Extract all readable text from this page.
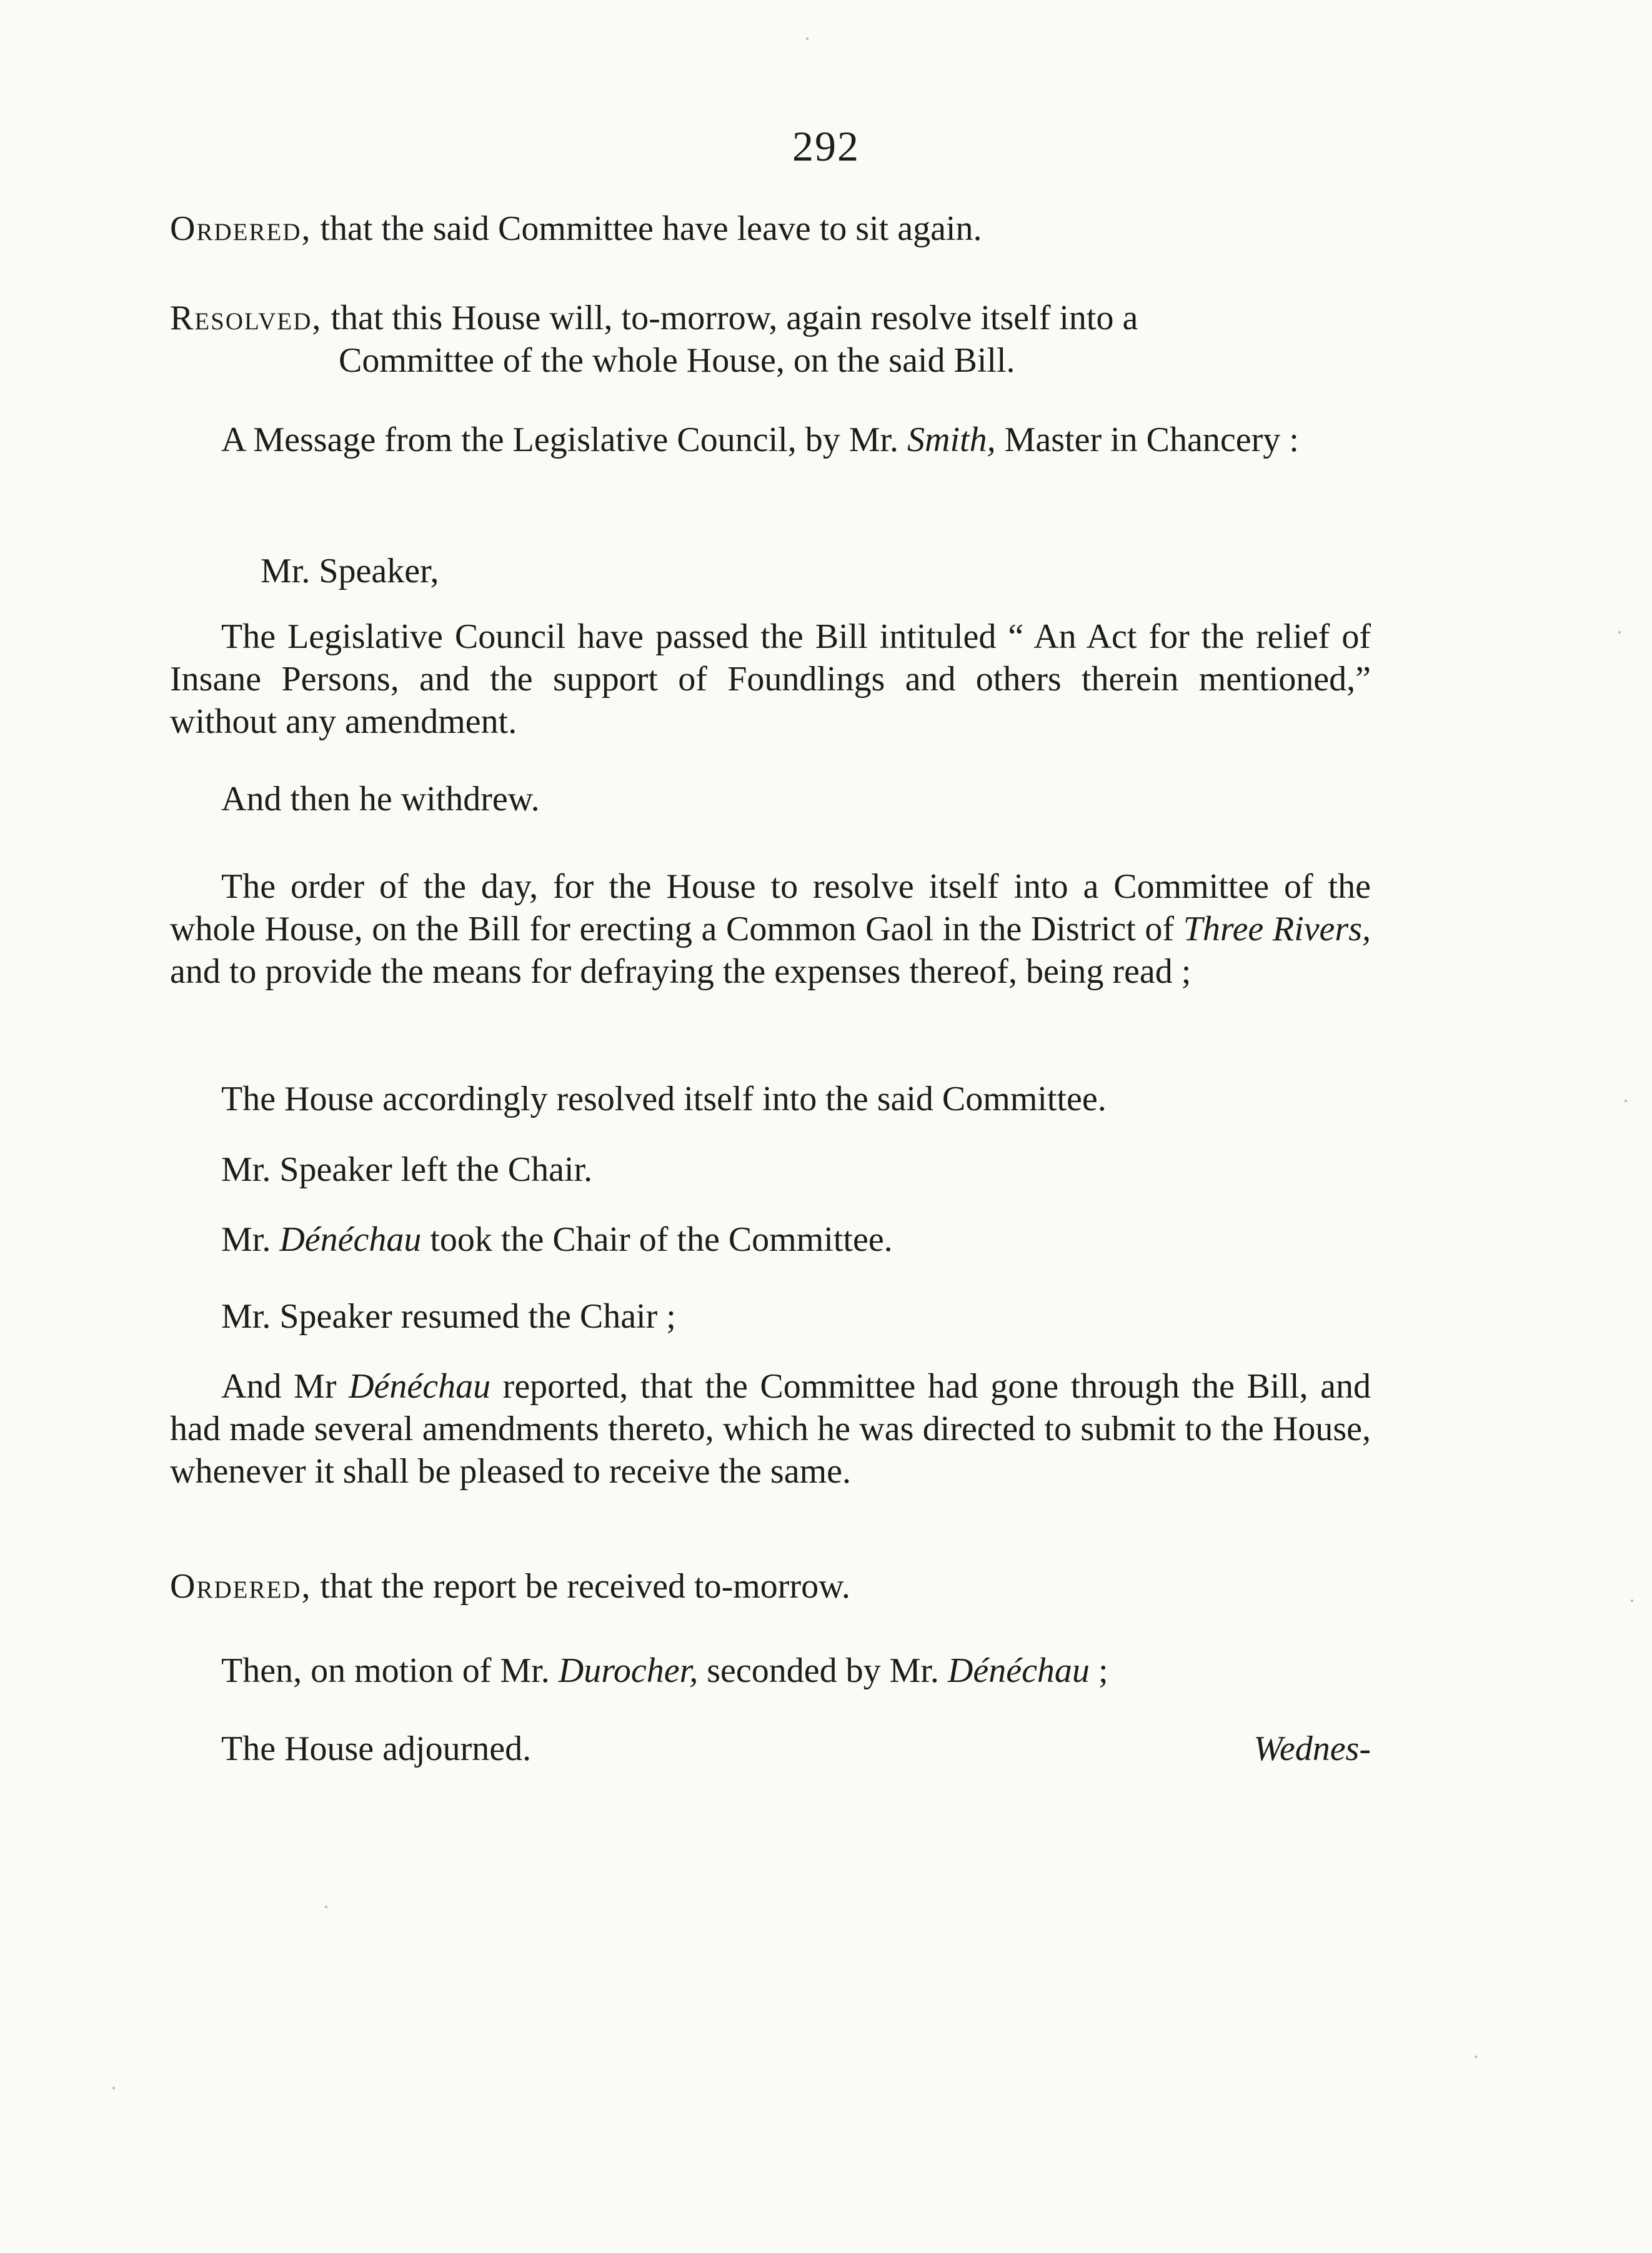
292

Ordered, that the said Committee have leave to sit again.

Resolved, that this House will, to-morrow, again resolve itself into a
Committee of the whole House, on the said Bill.

A Message from the Legislative Council, by Mr. Smith, Master in Chancery :

Mr. Speaker,

The Legislative Council have passed the Bill intituled “ An Act for the relief of Insane Persons, and the support of Foundlings and others therein mentioned,” without any amendment.

And then he withdrew.

The order of the day, for the House to resolve itself into a Committee of the whole House, on the Bill for erecting a Common Gaol in the District of Three Rivers, and to provide the means for defraying the expenses thereof, being read ;

The House accordingly resolved itself into the said Committee.

Mr. Speaker left the Chair.

Mr. Dénéchau took the Chair of the Committee.

Mr. Speaker resumed the Chair ;

And Mr Dénéchau reported, that the Committee had gone through the Bill, and had made several amendments thereto, which he was directed to submit to the House, whenever it shall be pleased to receive the same.

Ordered, that the report be received to-morrow.

Then, on motion of Mr. Durocher, seconded by Mr. Dénéchau ;

The House adjourned.	Wednes-
